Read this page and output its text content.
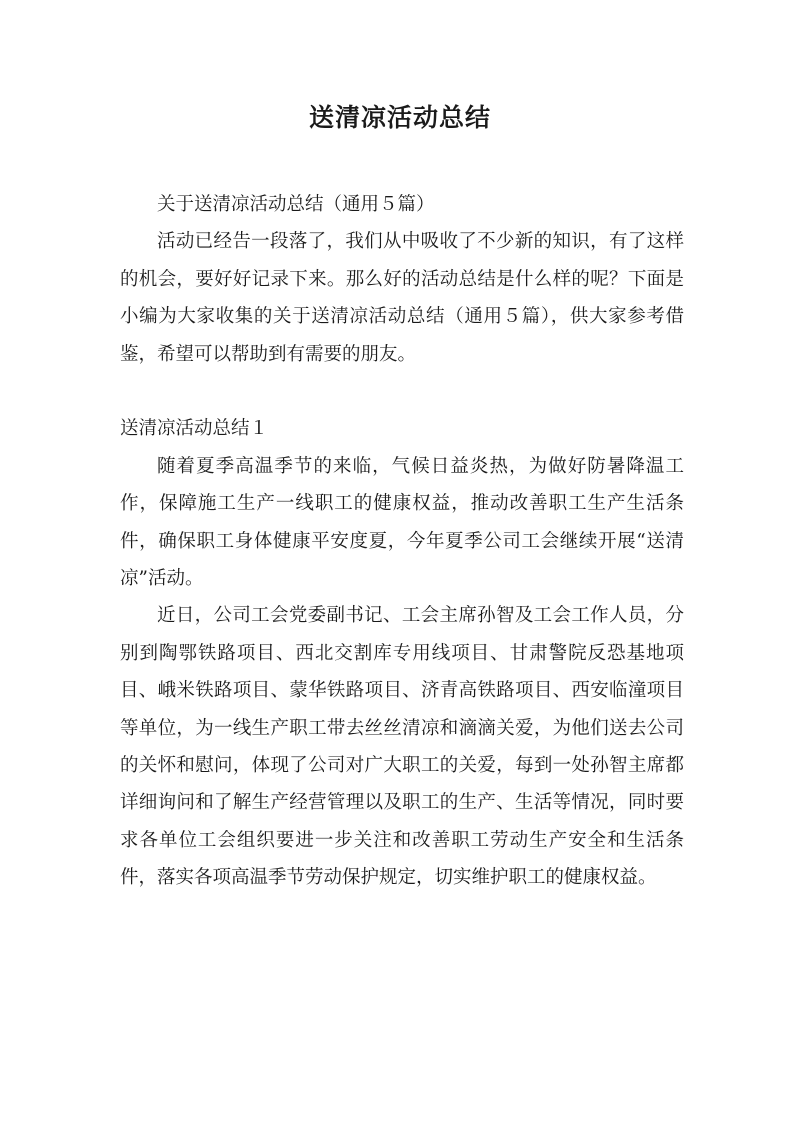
送清凉活动总结

关于送清凉活动总结（通用５篇）

活动已经告一段落了，我们从中吸收了不少新的知识，有了这样的机会，要好好记录下来。那么好的活动总结是什么样的呢？下面是小编为大家收集的关于送清凉活动总结（通用５篇），供大家参考借鉴，希望可以帮助到有需要的朋友。

送清凉活动总结１

随着夏季高温季节的来临，气候日益炎热，为做好防暑降温工作，保障施工生产一线职工的健康权益，推动改善职工生产生活条件，确保职工身体健康平安度夏，今年夏季公司工会继续开展“送清凉”活动。

近日，公司工会党委副书记、工会主席孙智及工会工作人员，分别到陶鄂铁路项目、西北交割库专用线项目、甘肃警院反恐基地项目、峨米铁路项目、蒙华铁路项目、济青高铁路项目、西安临潼项目等单位，为一线生产职工带去丝丝清凉和滴滴关爱，为他们送去公司的关怀和慰问，体现了公司对广大职工的关爱，每到一处孙智主席都详细询问和了解生产经营管理以及职工的生产、生活等情况，同时要求各单位工会组织要进一步关注和改善职工劳动生产安全和生活条件，落实各项高温季节劳动保护规定，切实维护职工的健康权益。
